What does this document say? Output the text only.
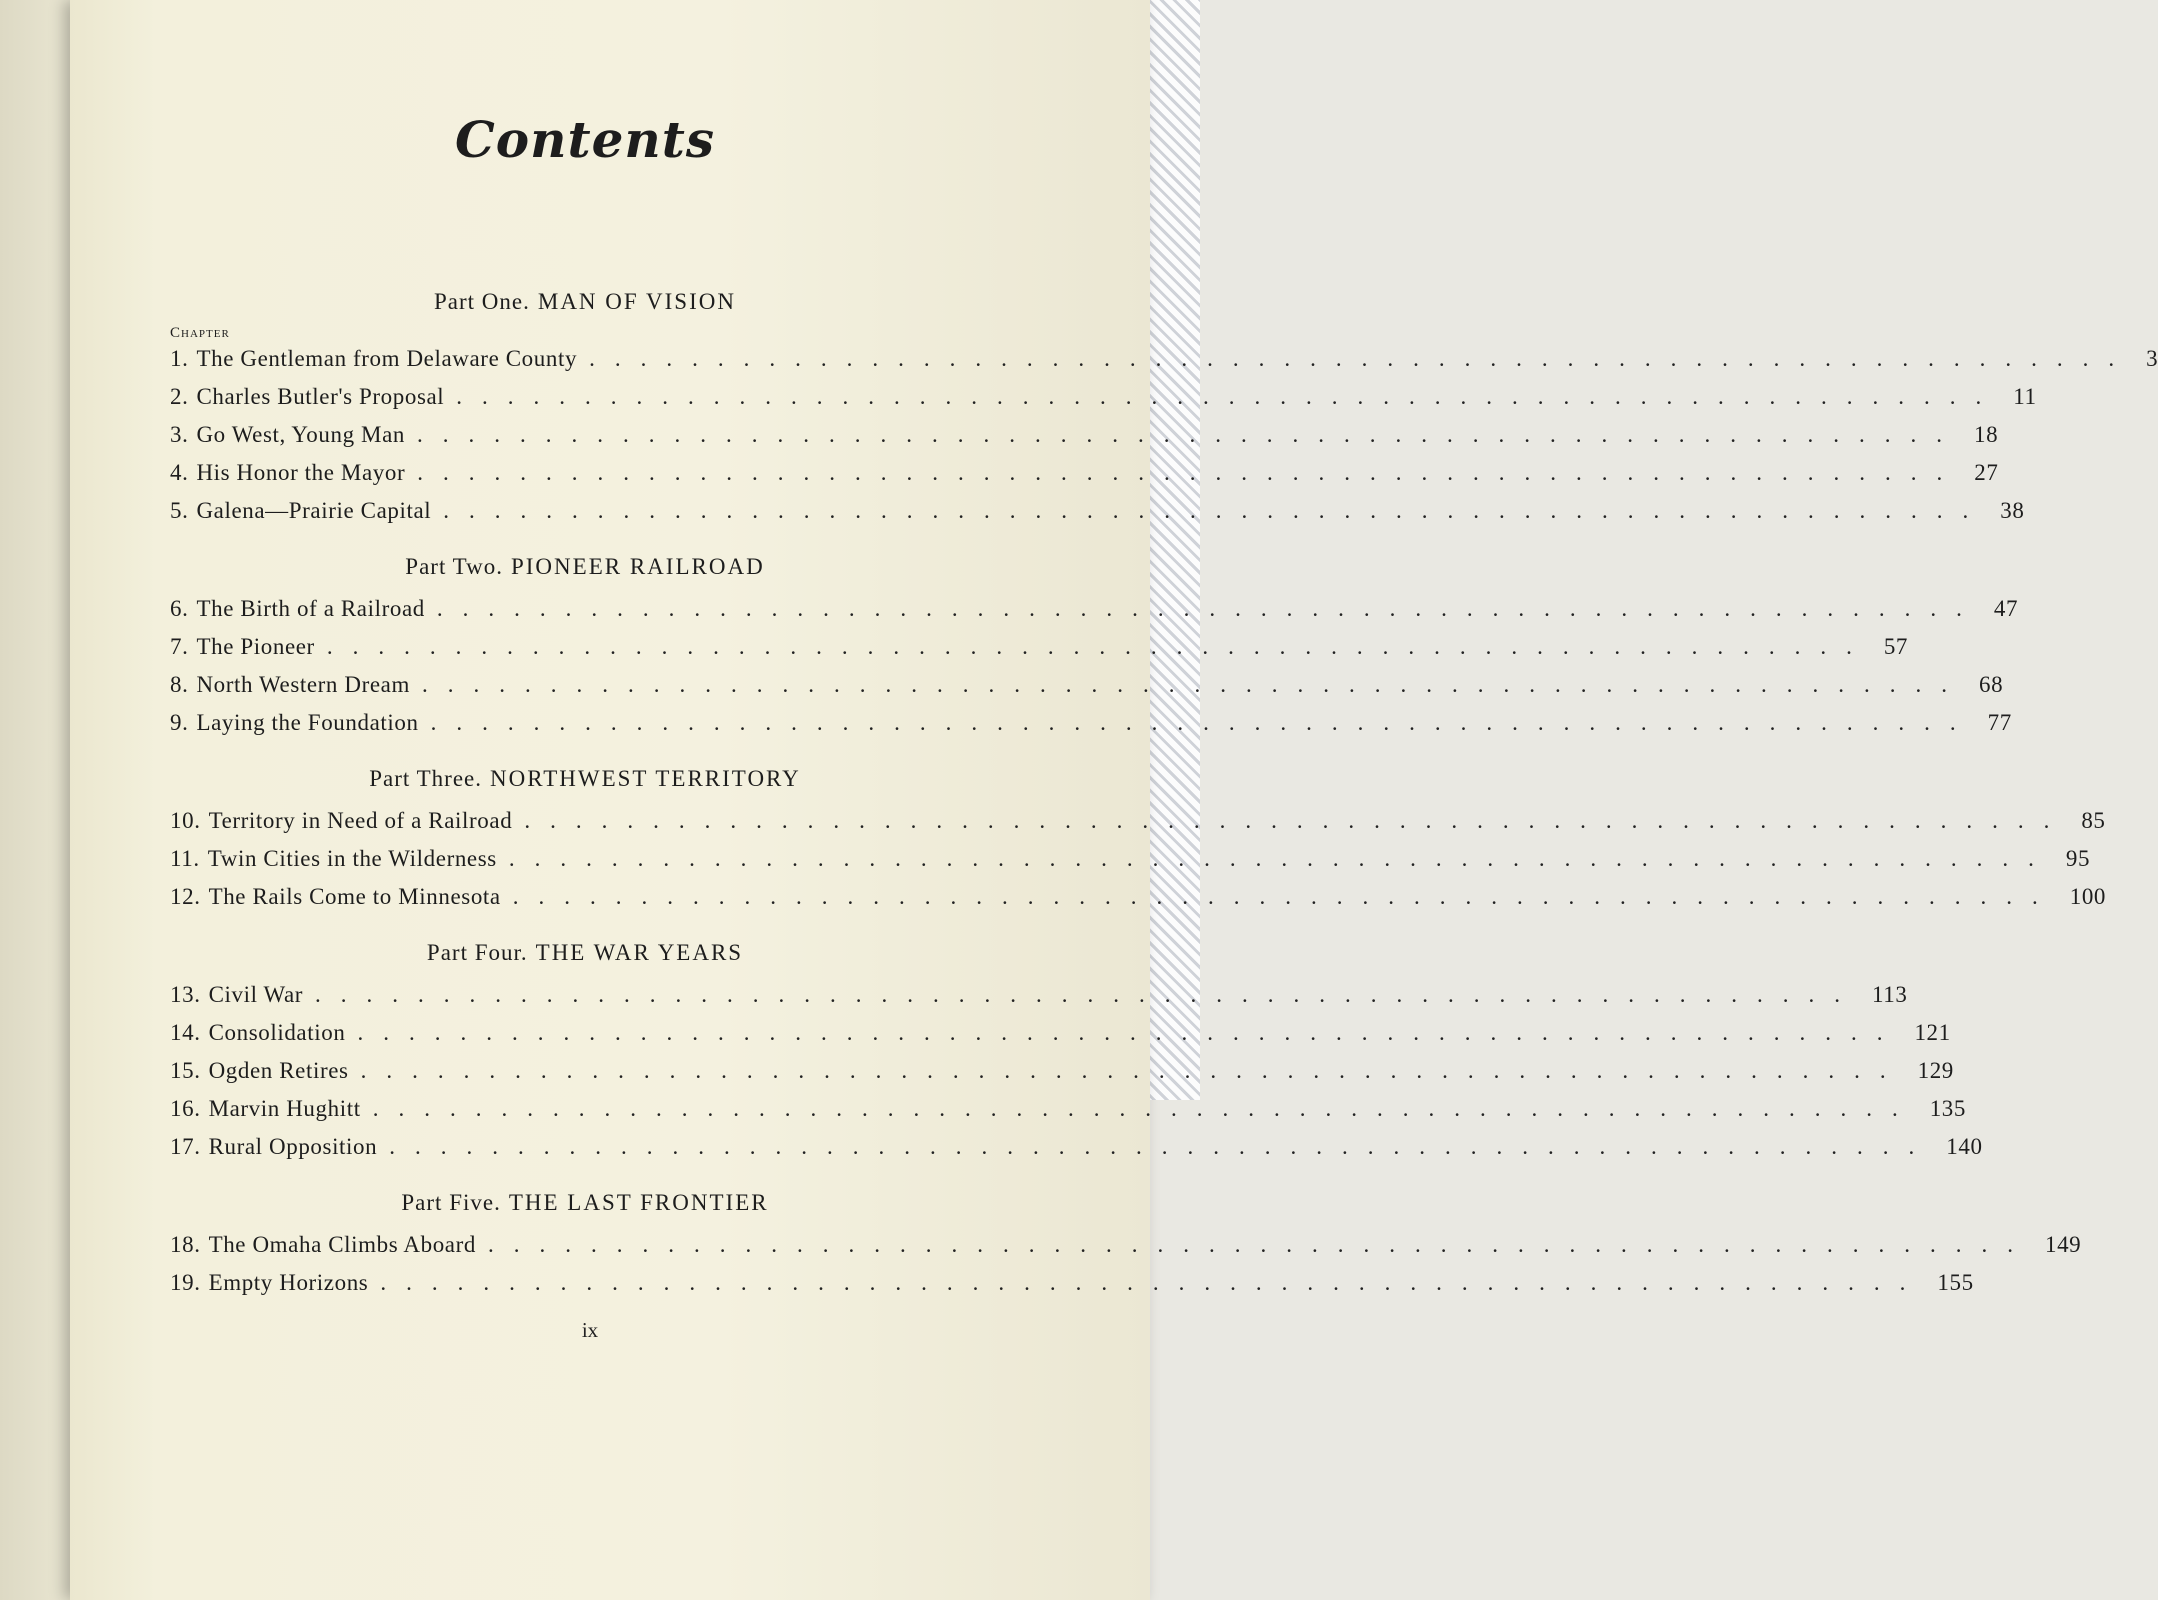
Contents
Part One. MAN OF VISION
Chapter
1. The Gentleman from Delaware County ............................................................ 3
2. Charles Butler's Proposal ............................................................ 11
3. Go West, Young Man ............................................................ 18
4. His Honor the Mayor ............................................................ 27
5. Galena—Prairie Capital ............................................................ 38
Part Two. PIONEER RAILROAD
6. The Birth of a Railroad ............................................................ 47
7. The Pioneer ............................................................ 57
8. North Western Dream ............................................................ 68
9. Laying the Foundation ............................................................ 77
Part Three. NORTHWEST TERRITORY
10. Territory in Need of a Railroad ............................................................ 85
11. Twin Cities in the Wilderness ............................................................ 95
12. The Rails Come to Minnesota ............................................................ 100
Part Four. THE WAR YEARS
13. Civil War ............................................................ 113
14. Consolidation ............................................................ 121
15. Ogden Retires ............................................................ 129
16. Marvin Hughitt ............................................................ 135
17. Rural Opposition ............................................................ 140
Part Five. THE LAST FRONTIER
18. The Omaha Climbs Aboard ............................................................ 149
19. Empty Horizons ............................................................ 155
ix
